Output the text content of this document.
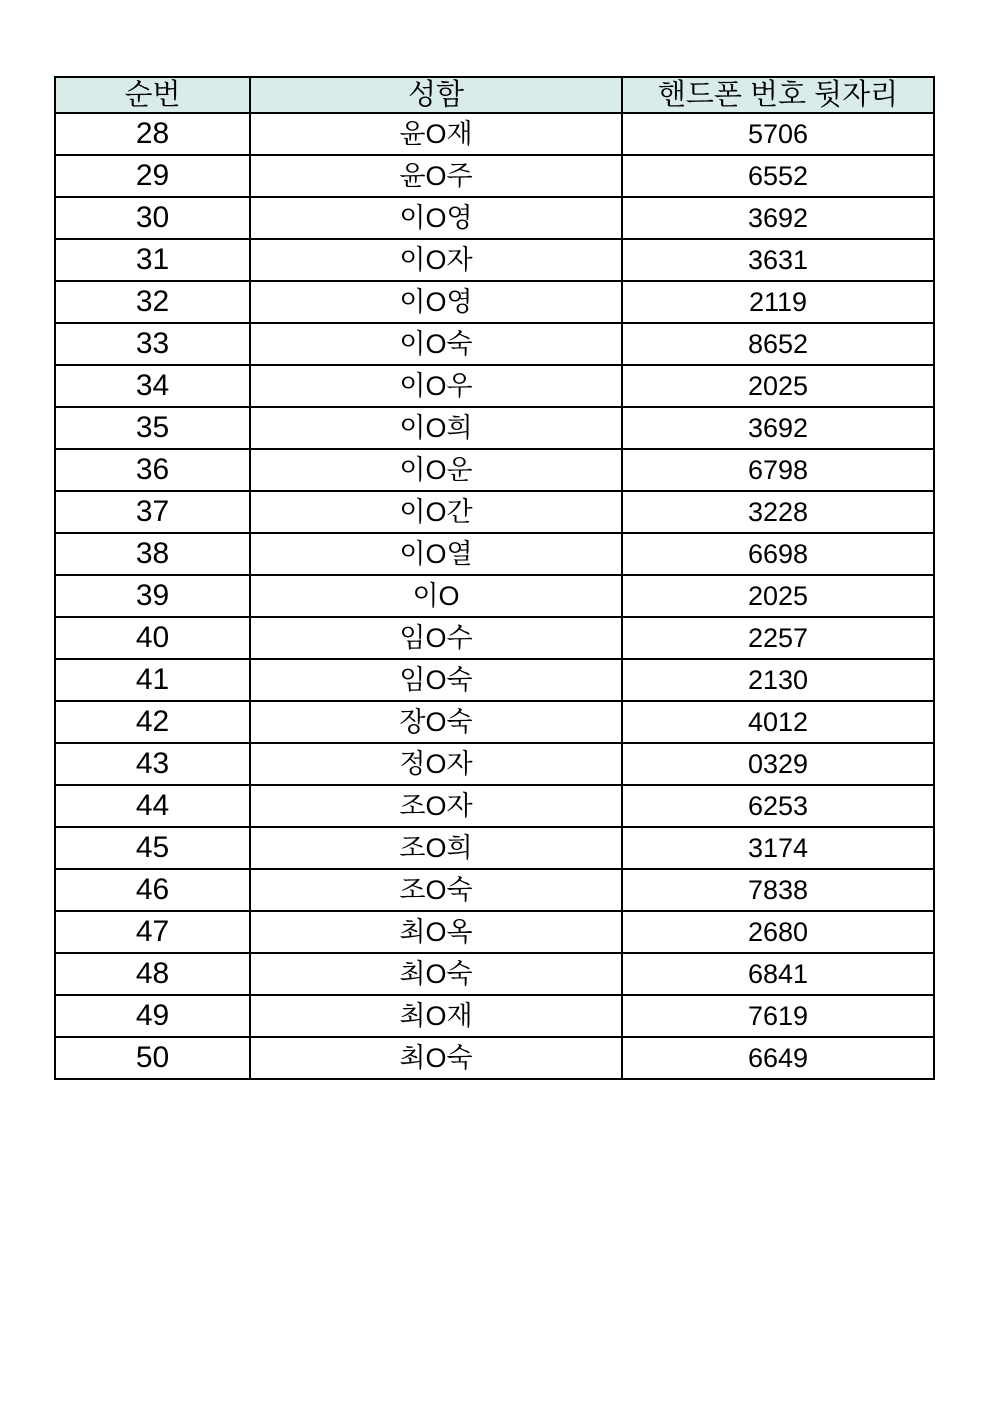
순번	성함	핸드폰 번호 뒷자리
28	윤O재	5706
29	윤O주	6552
30	이O영	3692
31	이O자	3631
32	이O영	2119
33	이O숙	8652
34	이O우	2025
35	이O희	3692
36	이O운	6798
37	이O간	3228
38	이O열	6698
39	이O	2025
40	임O수	2257
41	임O숙	2130
42	장O숙	4012
43	정O자	0329
44	조O자	6253
45	조O희	3174
46	조O숙	7838
47	최O옥	2680
48	최O숙	6841
49	최O재	7619
50	최O숙	6649
